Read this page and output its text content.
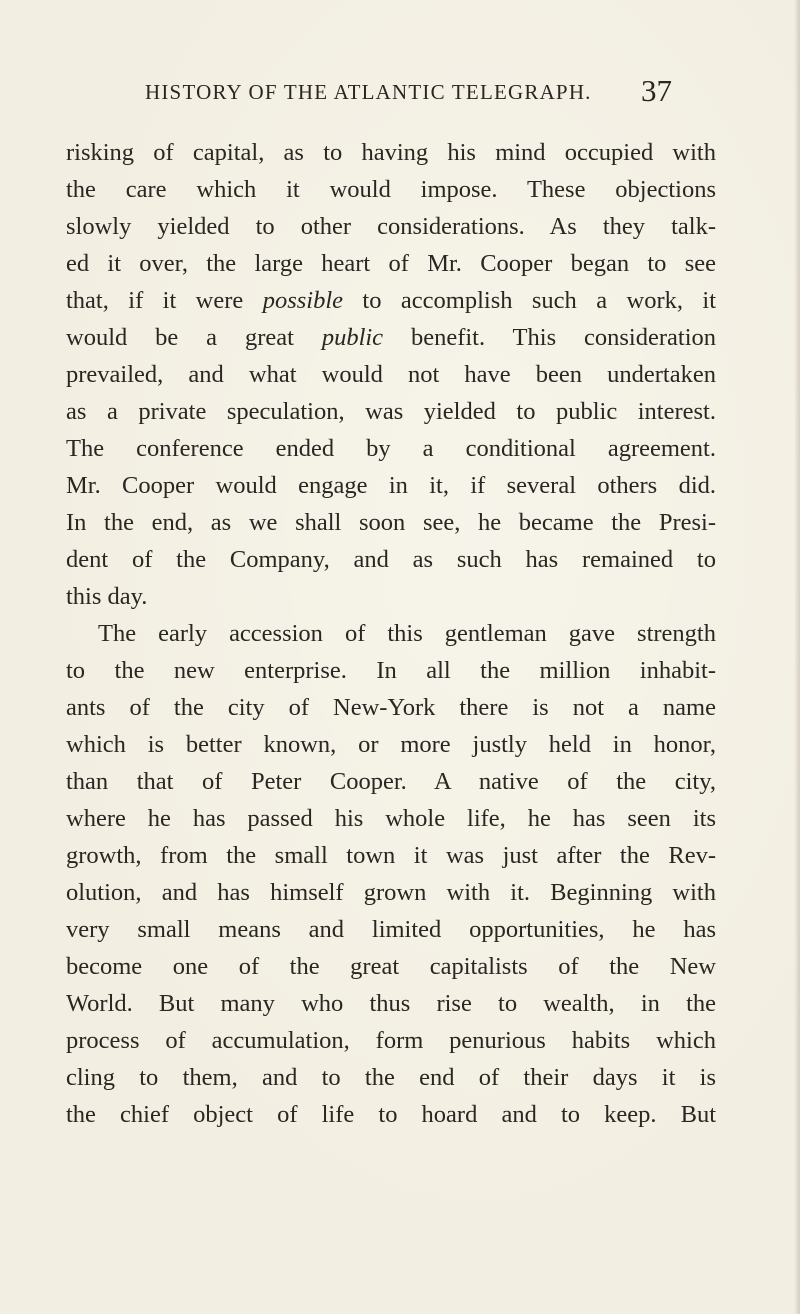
HISTORY OF THE ATLANTIC TELEGRAPH. 37
risking of capital, as to having his mind occupied with
the care which it would impose. These objections
slowly yielded to other considerations. As they talk-
ed it over, the large heart of Mr. Cooper began to see
that, if it were possible to accomplish such a work, it
would be a great public benefit. This consideration
prevailed, and what would not have been undertaken
as a private speculation, was yielded to public interest.
The conference ended by a conditional agreement.
Mr. Cooper would engage in it, if several others did.
In the end, as we shall soon see, he became the Presi-
dent of the Company, and as such has remained to
this day.
The early accession of this gentleman gave strength
to the new enterprise. In all the million inhabit-
ants of the city of New-York there is not a name
which is better known, or more justly held in honor,
than that of Peter Cooper. A native of the city,
where he has passed his whole life, he has seen its
growth, from the small town it was just after the Rev-
olution, and has himself grown with it. Beginning with
very small means and limited opportunities, he has
become one of the great capitalists of the New
World. But many who thus rise to wealth, in the
process of accumulation, form penurious habits which
cling to them, and to the end of their days it is
the chief object of life to hoard and to keep. But
